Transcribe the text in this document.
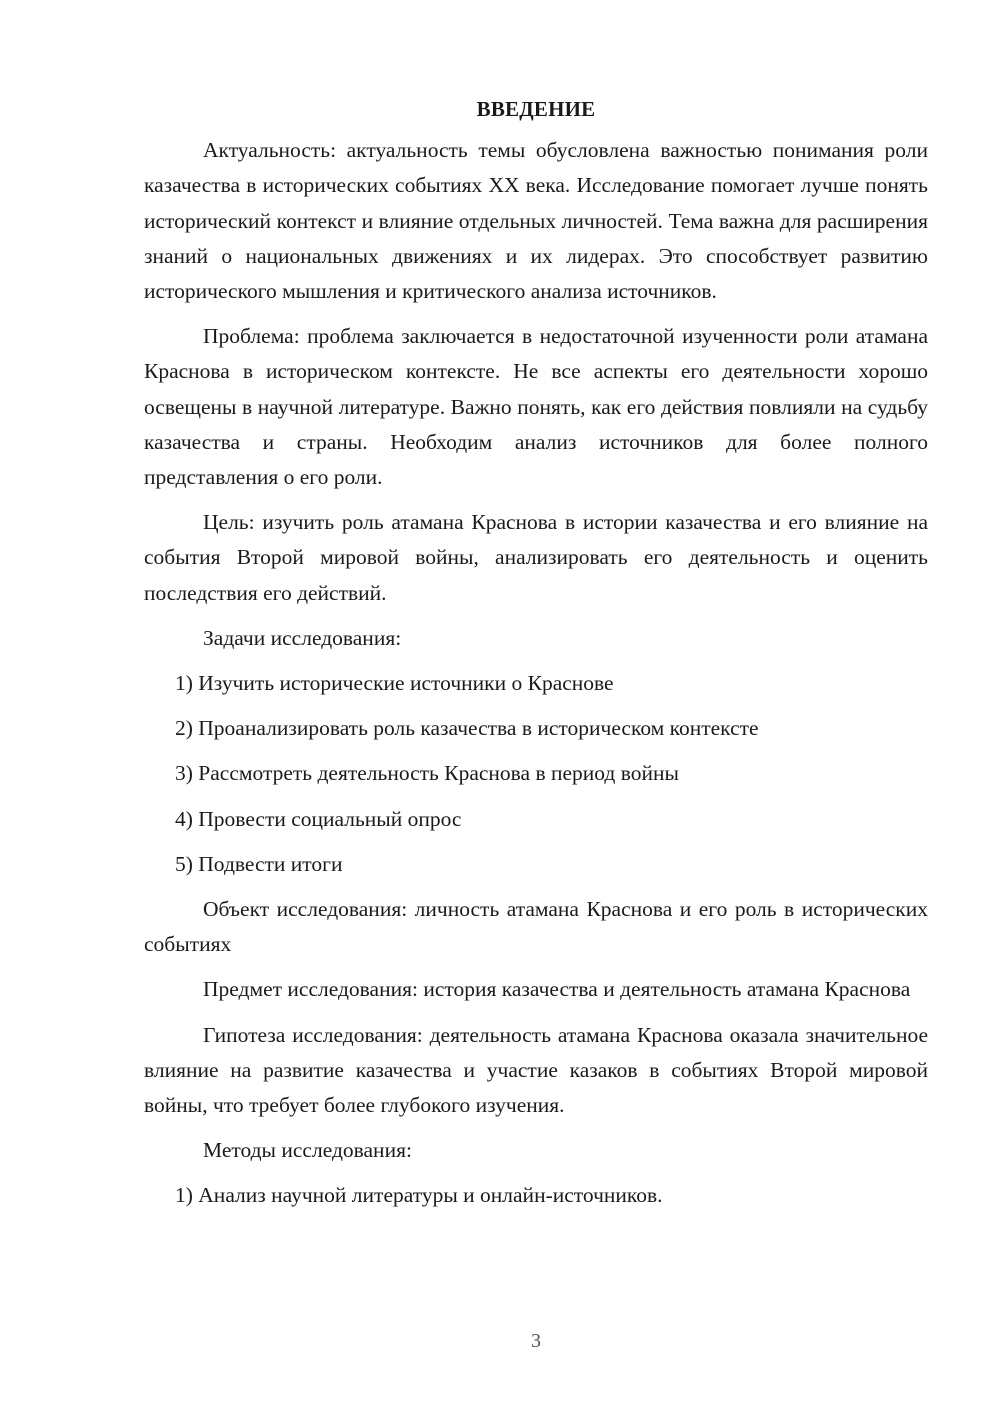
ВВЕДЕНИЕ

Актуальность: актуальность темы обусловлена важностью понимания роли казачества в исторических событиях XX века. Исследование помогает лучше понять исторический контекст и влияние отдельных личностей. Тема важна для расширения знаний о национальных движениях и их лидерах. Это способствует развитию исторического мышления и критического анализа источников.

Проблема: проблема заключается в недостаточной изученности роли атамана Краснова в историческом контексте. Не все аспекты его деятельности хорошо освещены в научной литературе. Важно понять, как его действия повлияли на судьбу казачества и страны. Необходим анализ источников для более полного представления о его роли.

Цель: изучить роль атамана Краснова в истории казачества и его влияние на события Второй мировой войны, анализировать его деятельность и оценить последствия его действий.

Задачи исследования:

1) Изучить исторические источники о Краснове

2) Проанализировать роль казачества в историческом контексте

3) Рассмотреть деятельность Краснова в период войны

4) Провести социальный опрос

5) Подвести итоги

Объект исследования: личность атамана Краснова и его роль в исторических событиях

Предмет исследования: история казачества и деятельность атамана Краснова

Гипотеза исследования: деятельность атамана Краснова оказала значительное влияние на развитие казачества и участие казаков в событиях Второй мировой войны, что требует более глубокого изучения.

Методы исследования:

1) Анализ научной литературы и онлайн-источников.

3
